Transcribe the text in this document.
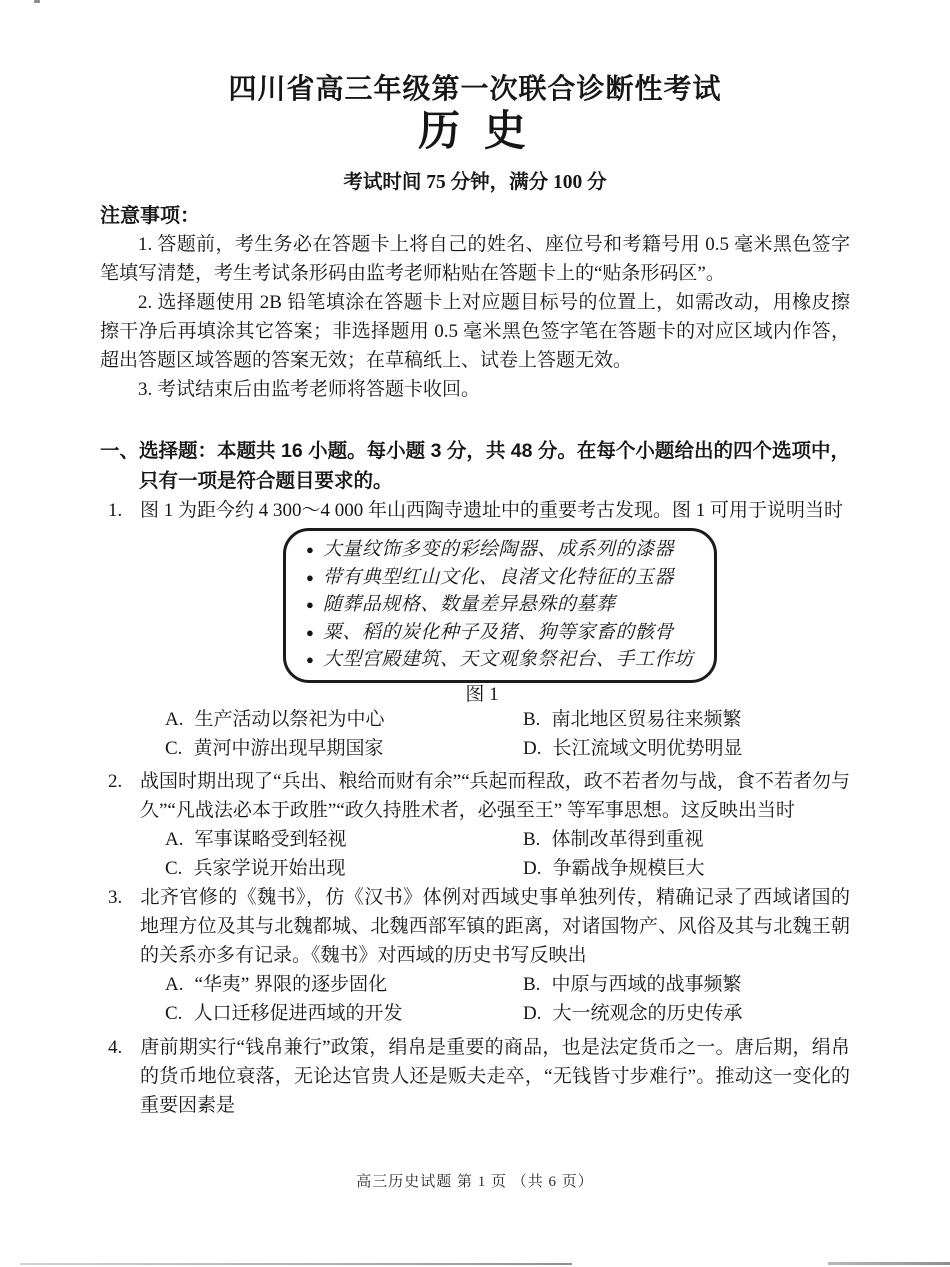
四川省高三年级第一次联合诊断性考试
历 史
考试时间 75 分钟，满分 100 分
注意事项：

1. 答题前，考生务必在答题卡上将自己的姓名、座位号和考籍号用 0.5 毫米黑色签字笔填写清楚，考生考试条形码由监考老师粘贴在答题卡上的“贴条形码区”。

2. 选择题使用 2B 铅笔填涂在答题卡上对应题目标号的位置上，如需改动，用橡皮擦擦干净后再填涂其它答案；非选择题用 0.5 毫米黑色签字笔在答题卡的对应区域内作答，超出答题区域答题的答案无效；在草稿纸上、试卷上答题无效。

3. 考试结束后由监考老师将答题卡收回。

一、选择题：本题共 16 小题。每小题 3 分，共 48 分。在每个小题给出的四个选项中，只有一项是符合题目要求的。

1. 图 1 为距今约 4 300～4 000 年山西陶寺遗址中的重要考古发现。图 1 可用于说明当时

● 大量纹饰多变的彩绘陶器、成系列的漆器
● 带有典型红山文化、良渚文化特征的玉器
● 随葬品规格、数量差异悬殊的墓葬
● 粟、稻的炭化种子及猪、狗等家畜的骸骨
● 大型宫殿建筑、天文观象祭祀台、手工作坊
图 1
A. 生产活动以祭祀为中心	B. 南北地区贸易往来频繁
C. 黄河中游出现早期国家	D. 长江流域文明优势明显

2. 战国时期出现了“兵出、粮给而财有余”“兵起而程敌，政不若者勿与战，食不若者勿与久”“凡战法必本于政胜”“政久持胜术者，必强至王” 等军事思想。这反映出当时

A. 军事谋略受到轻视	B. 体制改革得到重视
C. 兵家学说开始出现	D. 争霸战争规模巨大

3. 北齐官修的《魏书》，仿《汉书》体例对西域史事单独列传，精确记录了西域诸国的地理方位及其与北魏都城、北魏西部军镇的距离，对诸国物产、风俗及其与北魏王朝的关系亦多有记录。《魏书》对西域的历史书写反映出

A. “华夷” 界限的逐步固化	B. 中原与西域的战事频繁
C. 人口迁移促进西域的开发	D. 大一统观念的历史传承

4. 唐前期实行“钱帛兼行”政策，绢帛是重要的商品，也是法定货币之一。唐后期，绢帛的货币地位衰落，无论达官贵人还是贩夫走卒，“无钱皆寸步难行”。推动这一变化的重要因素是

高三历史试题 第 1 页 （共 6 页）
